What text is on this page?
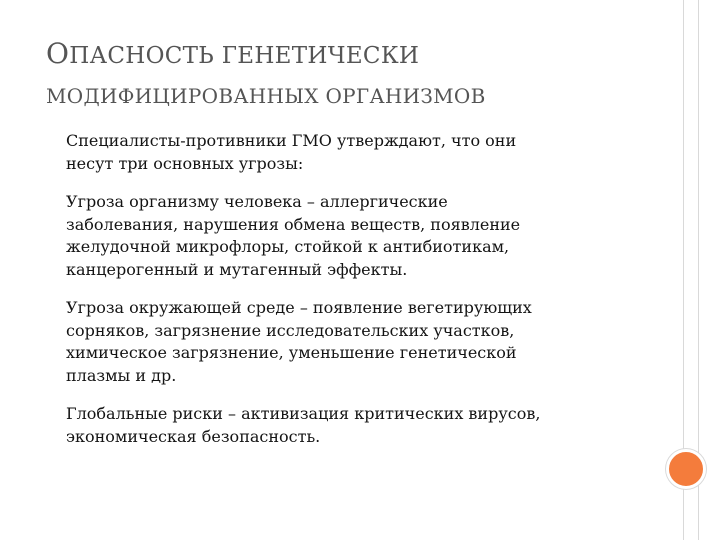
ОПАСНОСТЬ ГЕНЕТИЧЕСКИ
МОДИФИЦИРОВАННЫХ ОРГАНИЗМОВ

Специалисты-противники ГМО утверждают, что они
несут три основных угрозы:

Угроза организму человека – аллергические
заболевания, нарушения обмена веществ, появление
желудочной микрофлоры, стойкой к антибиотикам,
канцерогенный и мутагенный эффекты.

Угроза окружающей среде – появление вегетирующих
сорняков, загрязнение исследовательских участков,
химическое загрязнение, уменьшение генетической
плазмы и др.

Глобальные риски – активизация критических вирусов,
экономическая безопасность.
